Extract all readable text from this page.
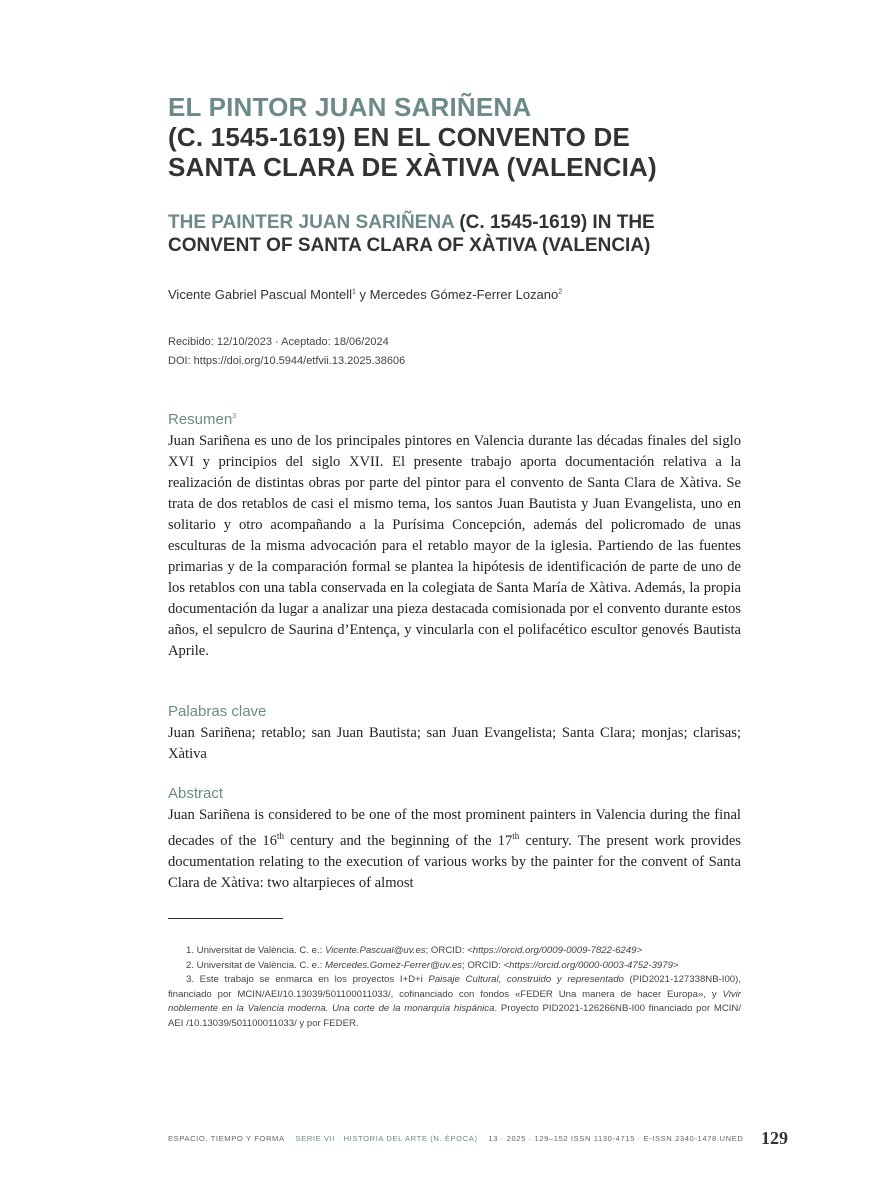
EL PINTOR JUAN SARIÑENA
(C. 1545-1619) EN EL CONVENTO DE
SANTA CLARA DE XÀTIVA (VALENCIA)
THE PAINTER JUAN SARIÑENA (C. 1545-1619) IN THE
CONVENT OF SANTA CLARA OF XÀTIVA (VALENCIA)
Vicente Gabriel Pascual Montell$^1$ y Mercedes Gómez-Ferrer Lozano$^2$
Recibido: 12/10/2023 · Aceptado: 18/06/2024
DOI: https://doi.org/10.5944/etfvii.13.2025.38606
Resumen$^3$

Juan Sariñena es uno de los principales pintores en Valencia durante las décadas finales del siglo XVI y principios del siglo XVII. El presente trabajo aporta documentación relativa a la realización de distintas obras por parte del pintor para el convento de Santa Clara de Xàtiva. Se trata de dos retablos de casi el mismo tema, los santos Juan Bautista y Juan Evangelista, uno en solitario y otro acompañando a la Purísima Concepción, además del policromado de unas esculturas de la misma advocación para el retablo mayor de la iglesia. Partiendo de las fuentes primarias y de la comparación formal se plantea la hipótesis de identificación de parte de uno de los retablos con una tabla conservada en la colegiata de Santa María de Xàtiva. Además, la propia documentación da lugar a analizar una pieza destacada comisionada por el convento durante estos años, el sepulcro de Saurina d’Entença, y vincularla con el polifacético escultor genovés Bautista Aprile.

Palabras clave

Juan Sariñena; retablo; san Juan Bautista; san Juan Evangelista; Santa Clara; monjas; clarisas; Xàtiva

Abstract

Juan Sariñena is considered to be one of the most prominent painters in Valencia during the final decades of the 16th century and the beginning of the 17th century. The present work provides documentation relating to the execution of various works by the painter for the convent of Santa Clara de Xàtiva: two altarpieces of almost

1. Universitat de València. C. e.: Vicente.Pascual@uv.es; ORCID: <https://orcid.org/0009-0009-7822-6249>

2. Universitat de València. C. e.: Mercedes.Gomez-Ferrer@uv.es; ORCID: <https://orcid.org/0000-0003-4752-3979>

3. Este trabajo se enmarca en los proyectos I+D+i Paisaje Cultural, construido y representado (PID2021-127338NB-I00), financiado por MCIN/AEI/10.13039/501100011033/, cofinanciado con fondos «FEDER Una manera de hacer Europa», y Vivir noblemente en la Valencia moderna. Una corte de la monarquía hispánica. Proyecto PID2021-126266NB-I00 financiado por MCIN/ AEI /10.13039/501100011033/ y por FEDER.

ESPACIO, TIEMPO Y FORMA SERIE VII · HISTORIA DEL ARTE (N. ÉPOCA) 13 · 2025 · 129–152 ISSN 1130-4715 · E-ISSN 2340-1478 UNED 129
